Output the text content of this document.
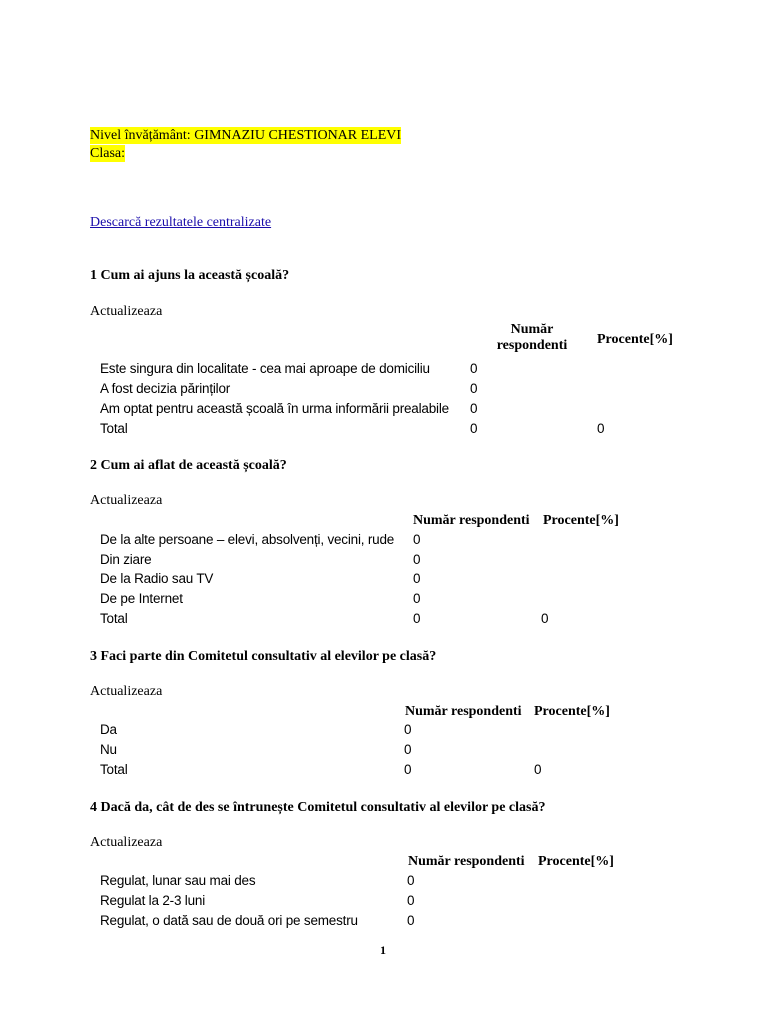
Nivel învățământ: GIMNAZIU CHESTIONAR ELEVI
Clasa:
Descarcă rezultatele centralizate
1 Cum ai ajuns la această școală?
Actualizeaza
Număr
respondenti	Procente[%]
Este singura din localitate - cea mai aproape de domiciliu	0
A fost decizia părinților	0
Am optat pentru această școală în urma informării prealabile 0
Total	0	0
2 Cum ai aflat de această școală?
Actualizeaza
Număr respondenti Procente[%]
De la alte persoane – elevi, absolvenți, vecini, rude 0
Din ziare	0
De la Radio sau TV	0
De pe Internet	0
Total	0	0
3 Faci parte din Comitetul consultativ al elevilor pe clasă?
Actualizeaza
Număr respondenti Procente[%]
Da	0
Nu	0
Total	0	0
4 Dacă da, cât de des se întrunește Comitetul consultativ al elevilor pe clasă?
Actualizeaza
Număr respondenti Procente[%]
Regulat, lunar sau mai des	0
Regulat la 2-3 luni	0
Regulat, o dată sau de două ori pe semestru	0
1
